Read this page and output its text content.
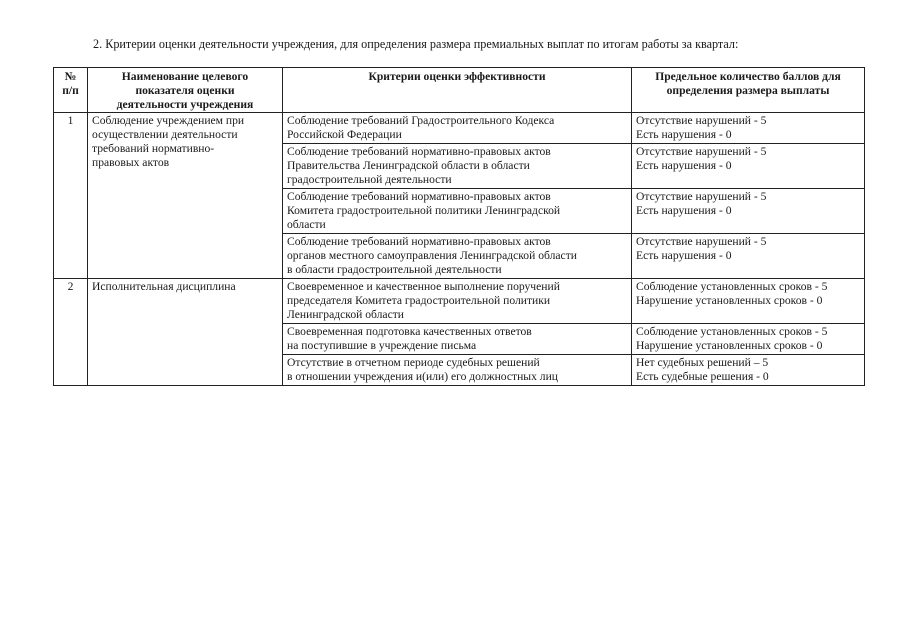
2. Критерии оценки деятельности учреждения, для определения размера премиальных выплат по итогам работы за квартал:
№
п/п	Наименование целевого
показателя оценки
деятельности учреждения	Критерии оценки эффективности	Предельное количество баллов для
определения размера выплаты

1	Соблюдение учреждением при
осуществлении деятельности
требований нормативно-
правовых актов	Соблюдение требований Градостроительного Кодекса
Российской Федерации	Отсутствие нарушений - 5
Есть нарушения - 0

		Соблюдение требований нормативно-правовых актов
Правительства Ленинградской области в области
градостроительной деятельности	Отсутствие нарушений - 5
Есть нарушения - 0

		Соблюдение требований нормативно-правовых актов
Комитета градостроительной политики Ленинградской
области	Отсутствие нарушений - 5
Есть нарушения - 0

		Соблюдение требований нормативно-правовых актов
органов местного самоуправления Ленинградской области
в области градостроительной деятельности	Отсутствие нарушений - 5
Есть нарушения - 0

2	Исполнительная дисциплина	Своевременное и качественное выполнение поручений
председателя Комитета градостроительной политики
Ленинградской области	Соблюдение установленных сроков - 5
Нарушение установленных сроков - 0

		Своевременная подготовка качественных ответов
на поступившие в учреждение письма	Соблюдение установленных сроков - 5
Нарушение установленных сроков - 0

		Отсутствие в отчетном периоде судебных решений
в отношении учреждения и(или) его должностных лиц	Нет судебных решений – 5
Есть судебные решения - 0
